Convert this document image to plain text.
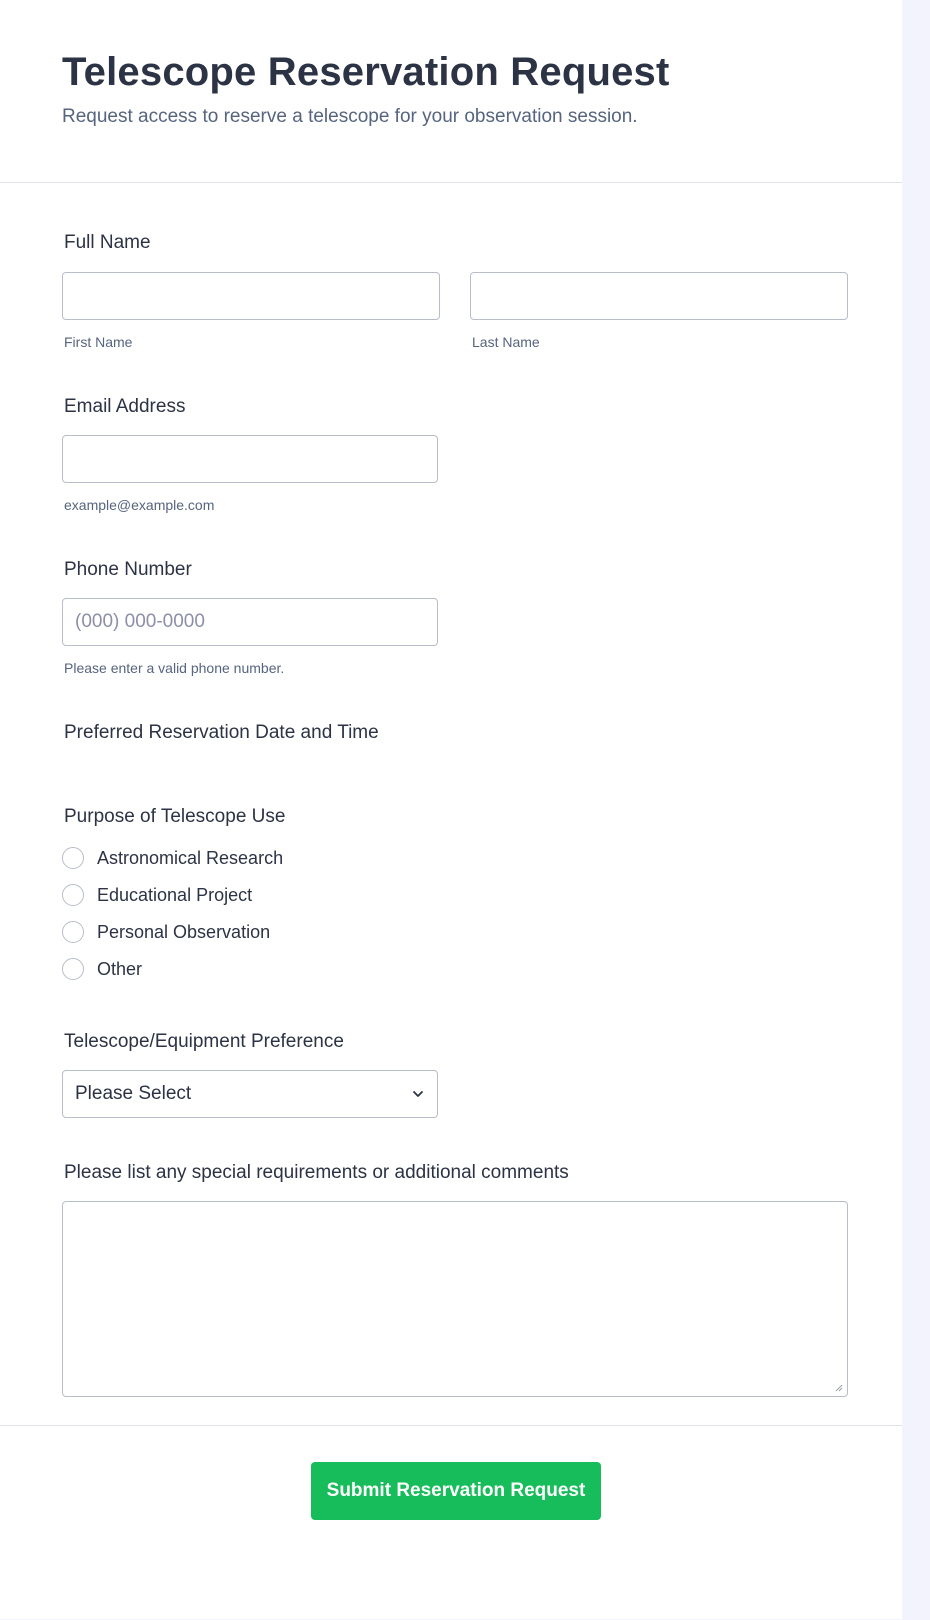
Telescope Reservation Request

Request access to reserve a telescope for your observation session.

Full Name
First Name	Last Name
Email Address
example@example.com
Phone Number
(000) 000-0000
Please enter a valid phone number.
Preferred Reservation Date and Time
Purpose of Telescope Use
Astronomical Research
Educational Project
Personal Observation
Other
Telescope/Equipment Preference
Please Select
Please list any special requirements or additional comments
Submit Reservation Request
